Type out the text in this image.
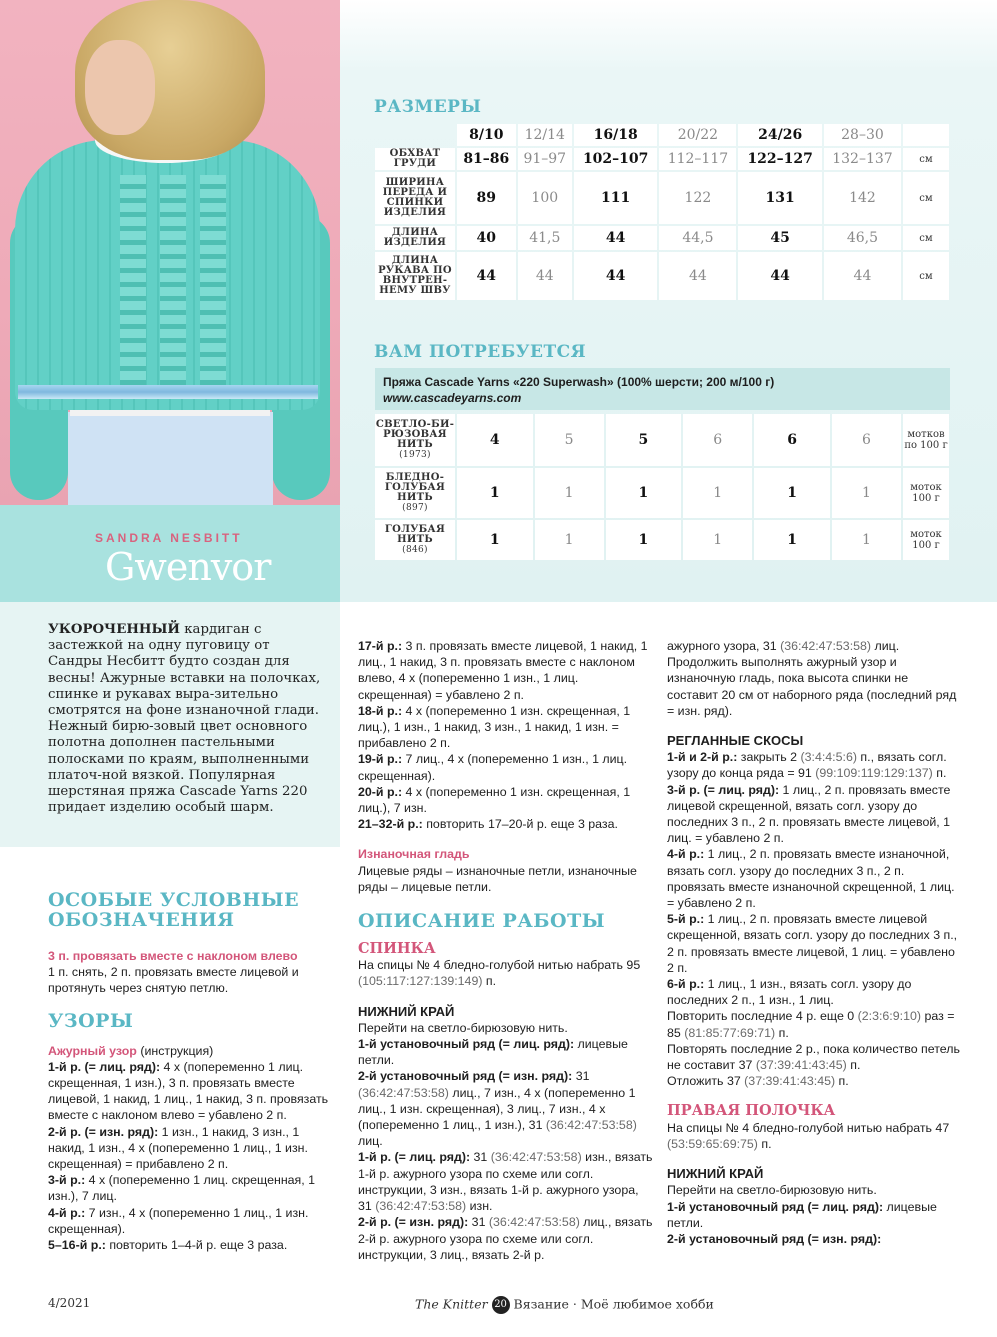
SANDRA NESBITT
Gwenvor
РАЗМЕРЫ
	8/10	12/14	16/18	20/22	24/26	28–30	
ОБХВАТ ГРУДИ	81–86	91–97	102–107	112–117	122–127	132–137	см
ШИРИНА ПЕРЕДА И СПИНКИ ИЗДЕЛИЯ	89	100	111	122	131	142	см
ДЛИНА ИЗДЕЛИЯ	40	41,5	44	44,5	45	46,5	см
ДЛИНА РУКАВА ПО ВНУТРЕН-НЕМУ ШВУ	44	44	44	44	44	44	см
ВАМ ПОТРЕБУЕТСЯ
Пряжа Cascade Yarns «220 Superwash» (100% шерсти; 200 м/100 г)
www.cascadeyarns.com
СВЕТЛО-БИ-РЮЗОВАЯ НИТЬ
(1973)	4	5	5	6	6	6	мотков по 100 г
БЛЕДНО-ГОЛУБАЯ НИТЬ
(897)	1	1	1	1	1	1	моток 100 г
ГОЛУБАЯ НИТЬ
(846)	1	1	1	1	1	1	моток 100 г
УКОРОЧЕННЫЙ кардиган с застежкой на одну пуговицу от Сандры Несбитт будто создан для весны! Ажурные вставки на полочках, спинке и рукавах выра-зительно смотрятся на фоне изнаночной глади. Нежный бирю-зовый цвет основного полотна дополнен пастельными полосками по краям, выполненными платоч-ной вязкой. Популярная шерстяная пряжа Cascade Yarns 220 придает изделию особый шарм.

ОСОБЫЕ УСЛОВНЫЕ
ОБОЗНАЧЕНИЯ

3 п. провязать вместе с наклоном влево

1 п. снять, 2 п. провязать вместе лицевой и протянуть через снятую петлю.

УЗОРЫ

Ажурный узор (инструкция)

1-й р. (= лиц. ряд): 4 х (попеременно 1 лиц. скрещенная, 1 изн.), 3 п. провязать вместе лицевой, 1 накид, 1 лиц., 1 накид, 3 п. провязать вместе с наклоном влево = убавлено 2 п.

2-й р. (= изн. ряд): 1 изн., 1 накид, 3 изн., 1 накид, 1 изн., 4 х (попеременно 1 лиц., 1 изн. скрещенная) = прибавлено 2 п.

3-й р.: 4 х (попеременно 1 лиц. скрещенная, 1 изн.), 7 лиц.

4-й р.: 7 изн., 4 х (попеременно 1 лиц., 1 изн. скрещенная).

5–16-й р.: повторить 1–4-й р. еще 3 раза.

17-й р.: 3 п. провязать вместе лицевой, 1 накид, 1 лиц., 1 накид, 3 п. провязать вместе с наклоном влево, 4 х (попеременно 1 изн., 1 лиц. скрещенная) = убавлено 2 п.

18-й р.: 4 х (попеременно 1 изн. скрещенная, 1 лиц.), 1 изн., 1 накид, 3 изн., 1 накид, 1 изн. = прибавлено 2 п.

19-й р.: 7 лиц., 4 х (попеременно 1 изн., 1 лиц. скрещенная).

20-й р.: 4 х (попеременно 1 изн. скрещенная, 1 лиц.), 7 изн.

21–32-й р.: повторить 17–20-й р. еще 3 раза.

Изнаночная гладь

Лицевые ряды – изнаночные петли, изнаночные ряды – лицевые петли.

ОПИСАНИЕ РАБОТЫ

СПИНКА

На спицы № 4 бледно-голубой нитью набрать 95 (105:117:127:139:149) п.

НИЖНИЙ КРАЙ

Перейти на светло-бирюзовую нить.

1-й установочный ряд (= лиц. ряд): лицевые петли.

2-й установочный ряд (= изн. ряд): 31 (36:42:47:53:58) лиц., 7 изн., 4 х (попеременно 1 лиц., 1 изн. скрещенная), 3 лиц., 7 изн., 4 х (попеременно 1 лиц., 1 изн.), 31 (36:42:47:53:58) лиц.

1-й р. (= лиц. ряд): 31 (36:42:47:53:58) изн., вязать 1-й р. ажурного узора по схеме или согл. инструкции, 3 изн., вязать 1-й р. ажурного узора, 31 (36:42:47:53:58) изн.

2-й р. (= изн. ряд): 31 (36:42:47:53:58) лиц., вязать 2-й р. ажурного узора по схеме или согл. инструкции, 3 лиц., вязать 2-й р.

ажурного узора, 31 (36:42:47:53:58) лиц.

Продолжить выполнять ажурный узор и изнаночную гладь, пока высота спинки не составит 20 см от наборного ряда (последний ряд = изн. ряд).

РЕГЛАННЫЕ СКОСЫ

1-й и 2-й р.: закрыть 2 (3:4:4:5:6) п., вязать согл. узору до конца ряда = 91 (99:109:119:129:137) п.

3-й р. (= лиц. ряд): 1 лиц., 2 п. провязать вместе лицевой скрещенной, вязать согл. узору до последних 3 п., 2 п. провязать вместе лицевой, 1 лиц. = убавлено 2 п.

4-й р.: 1 лиц., 2 п. провязать вместе изнаночной, вязать согл. узору до последних 3 п., 2 п. провязать вместе изнаночной скрещенной, 1 лиц. = убавлено 2 п.

5-й р.: 1 лиц., 2 п. провязать вместе лицевой скрещенной, вязать согл. узору до последних 3 п., 2 п. провязать вместе лицевой, 1 лиц. = убавлено 2 п.

6-й р.: 1 лиц., 1 изн., вязать согл. узору до последних 2 п., 1 изн., 1 лиц.

Повторить последние 4 р. еще 0 (2:3:6:9:10) раз = 85 (81:85:77:69:71) п.

Повторять последние 2 р., пока количество петель не составит 37 (37:39:41:43:45) п.

Отложить 37 (37:39:41:43:45) п.

ПРАВАЯ ПОЛОЧКА

На спицы № 4 бледно-голубой нитью набрать 47 (53:59:65:69:75) п.

НИЖНИЙ КРАЙ

Перейти на светло-бирюзовую нить.

1-й установочный ряд (= лиц. ряд): лицевые петли.

2-й установочный ряд (= изн. ряд):

4/2021	The Knitter 20 Вязание · Моё любимое хобби
